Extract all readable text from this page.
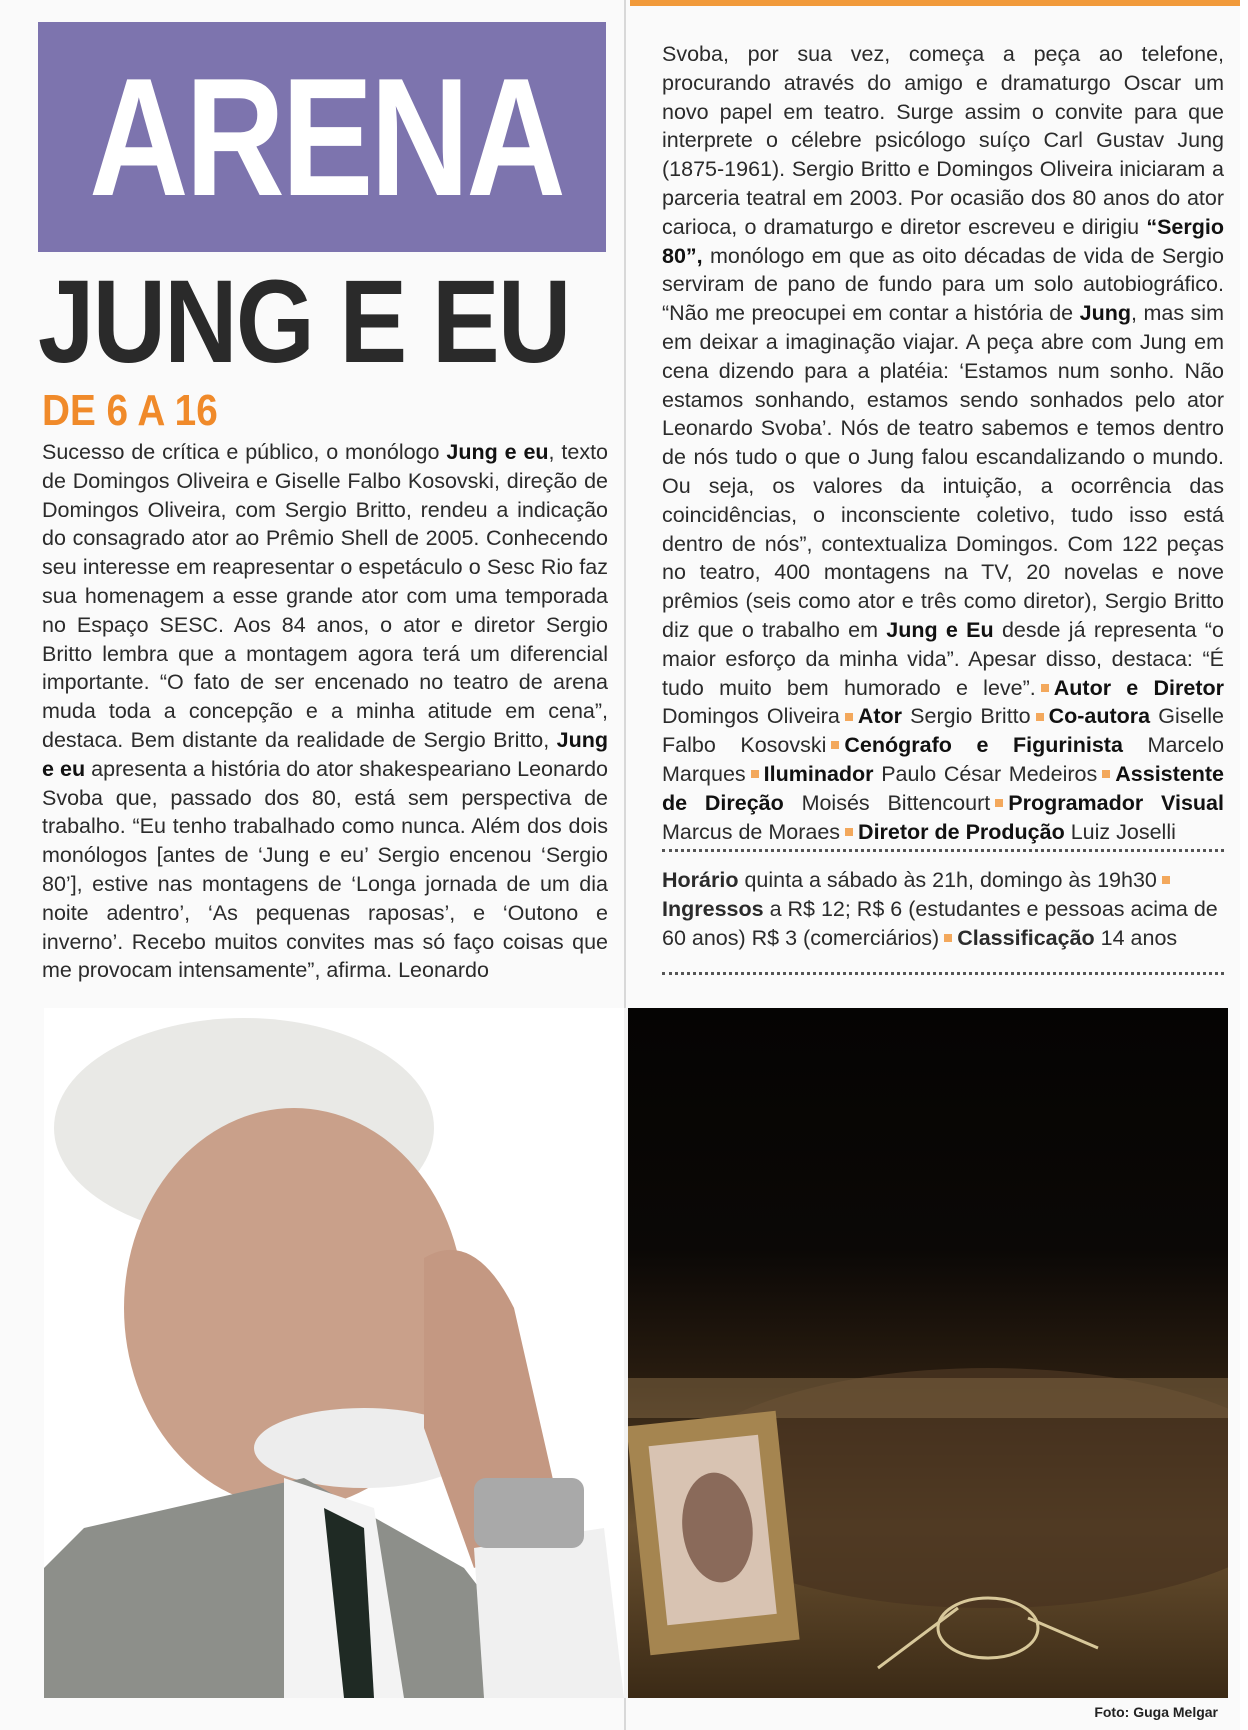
ARENA
JUNG E EU
DE 6 A 16
Sucesso de crítica e público, o monólogo Jung e eu, texto de Domingos Oliveira e Giselle Falbo Kosovski, direção de Domingos Oliveira, com Sergio Britto, rendeu a indicação do consagrado ator ao Prêmio Shell de 2005. Conhecendo seu interesse em reapresentar o espetáculo o Sesc Rio faz sua homenagem a esse grande ator com uma temporada no Espaço SESC. Aos 84 anos, o ator e diretor Sergio Britto lembra que a montagem agora terá um diferencial importante. “O fato de ser encenado no teatro de arena muda toda a concepção e a minha atitude em cena”, destaca. Bem distante da realidade de Sergio Britto, Jung e eu apresenta a história do ator shakespeariano Leonardo Svoba que, passado dos 80, está sem perspectiva de trabalho. “Eu tenho trabalhado como nunca. Além dos dois monólogos [antes de ‘Jung e eu’ Sergio encenou ‘Sergio 80’], estive nas montagens de ‘Longa jornada de um dia noite adentro’, ‘As pequenas raposas’, e ‘Outono e inverno’. Recebo muitos convites mas só faço coisas que me provocam intensamente”, afirma. Leonardo
Svoba, por sua vez, começa a peça ao telefone, procurando através do amigo e dramaturgo Oscar um novo papel em teatro. Surge assim o convite para que interprete o célebre psicólogo suíço Carl Gustav Jung (1875-1961). Sergio Britto e Domingos Oliveira iniciaram a parceria teatral em 2003. Por ocasião dos 80 anos do ator carioca, o dramaturgo e diretor escreveu e dirigiu “Sergio 80”, monólogo em que as oito décadas de vida de Sergio serviram de pano de fundo para um solo autobiográfico. “Não me preocupei em contar a história de Jung, mas sim em deixar a imaginação viajar. A peça abre com Jung em cena dizendo para a platéia: ‘Estamos num sonho. Não estamos sonhando, estamos sendo sonhados pelo ator Leonardo Svoba’. Nós de teatro sabemos e temos dentro de nós tudo o que o Jung falou escandalizando o mundo. Ou seja, os valores da intuição, a ocorrência das coincidências, o inconsciente coletivo, tudo isso está dentro de nós”, contextualiza Domingos. Com 122 peças no teatro, 400 montagens na TV, 20 novelas e nove prêmios (seis como ator e três como diretor), Sergio Britto diz que o trabalho em Jung e Eu desde já representa “o maior esforço da minha vida”. Apesar disso, destaca: “É tudo muito bem humorado e leve”. Autor e Diretor Domingos Oliveira Ator Sergio Britto Co-autora Giselle Falbo Kosovski Cenógrafo e Figurinista Marcelo Marques Iluminador Paulo César Medeiros Assistente de Direção Moisés Bittencourt Programador Visual Marcus de Moraes Diretor de Produção Luiz Joselli
Horário quinta a sábado às 21h, domingo às 19h30Ingressos a R$ 12; R$ 6 (estudantes e pessoas acima de 60 anos) R$ 3 (comerciários) Classificação 14 anos
Foto: Guga Melgar
